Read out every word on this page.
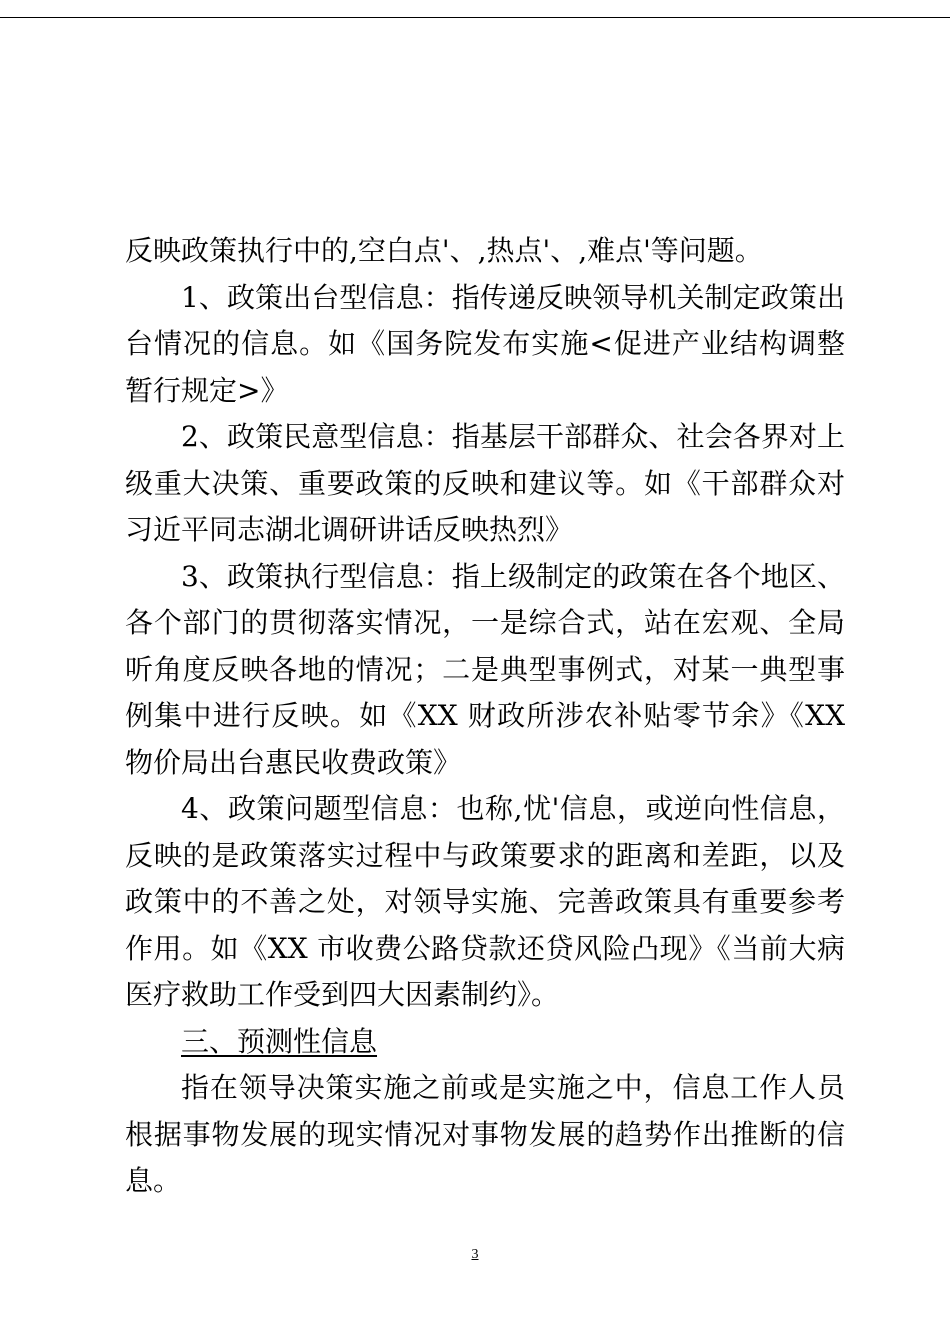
反映政策执行中的,空白点'、,热点'、,难点'等问题。

1、政策出台型信息：指传递反映领导机关制定政策出台情况的信息。如《国务院发布实施<促进产业结构调整暂行规定>》

2、政策民意型信息：指基层干部群众、社会各界对上级重大决策、重要政策的反映和建议等。如《干部群众对习近平同志湖北调研讲话反映热烈》

3、政策执行型信息：指上级制定的政策在各个地区、各个部门的贯彻落实情况，一是综合式，站在宏观、全局听角度反映各地的情况；二是典型事例式，对某一典型事例集中进行反映。如《XX 财政所涉农补贴零节余》《XX 物价局出台惠民收费政策》

4、政策问题型信息：也称,忧'信息，或逆向性信息，反映的是政策落实过程中与政策要求的距离和差距，以及政策中的不善之处，对领导实施、完善政策具有重要参考作用。如《XX 市收费公路贷款还贷风险凸现》《当前大病医疗救助工作受到四大因素制约》。

三、预测性信息

指在领导决策实施之前或是实施之中，信息工作人员根据事物发展的现实情况对事物发展的趋势作出推断的信息。

3
